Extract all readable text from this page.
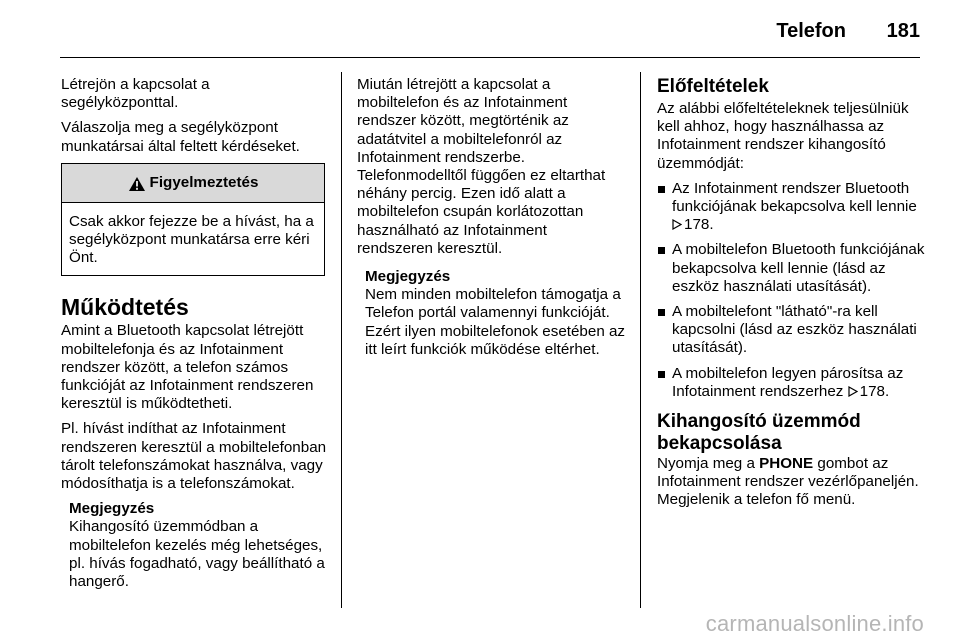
Telefon 181

Létrejön a kapcsolat a segélyközponttal.

Válaszolja meg a segélyközpont munkatársai által feltett kérdéseket.

Figyelmeztetés
Csak akkor fejezze be a hívást, ha a segélyközpont munkatársa erre kéri Önt.
Működtetés

Amint a Bluetooth kapcsolat létrejött mobiltelefonja és az Infotainment rendszer között, a telefon számos funkcióját az Infotainment rendszeren keresztül is működtetheti.

Pl. hívást indíthat az Infotainment rendszeren keresztül a mobiltelefonban tárolt telefonszámokat használva, vagy módosíthatja is a telefonszámokat.

Megjegyzés
Kihangosító üzemmódban a mobiltelefon kezelés még lehetséges, pl. hívás fogadható, vagy beállítható a hangerő.

Miután létrejött a kapcsolat a mobiltelefon és az Infotainment rendszer között, megtörténik az adatátvitel a mobiltelefonról az Infotainment rendszerbe. Telefonmodelltől függően ez eltarthat néhány percig. Ezen idő alatt a mobiltelefon csupán korlátozottan használható az Infotainment rendszeren keresztül.

Megjegyzés
Nem minden mobiltelefon támogatja a Telefon portál valamennyi funkcióját. Ezért ilyen mobiltelefonok esetében az itt leírt funkciók működése eltérhet.
Előfeltételek

Az alábbi előfeltételeknek teljesülniük kell ahhoz, hogy használhassa az Infotainment rendszer kihangosító üzemmódját:

Az Infotainment rendszer Bluetooth funkciójának bekapcsolva kell lennie 178.
A mobiltelefon Bluetooth funkciójának bekapcsolva kell lennie (lásd az eszköz használati utasítását).
A mobiltelefont "látható"-ra kell kapcsolni (lásd az eszköz használati utasítását).
A mobiltelefon legyen párosítsa az Infotainment rendszerhez 178.
Kihangosító üzemmód
bekapcsolása

Nyomja meg a PHONE gombot az Infotainment rendszer vezérlőpaneljén. Megjelenik a telefon fő menü.

carmanualsonline.info
